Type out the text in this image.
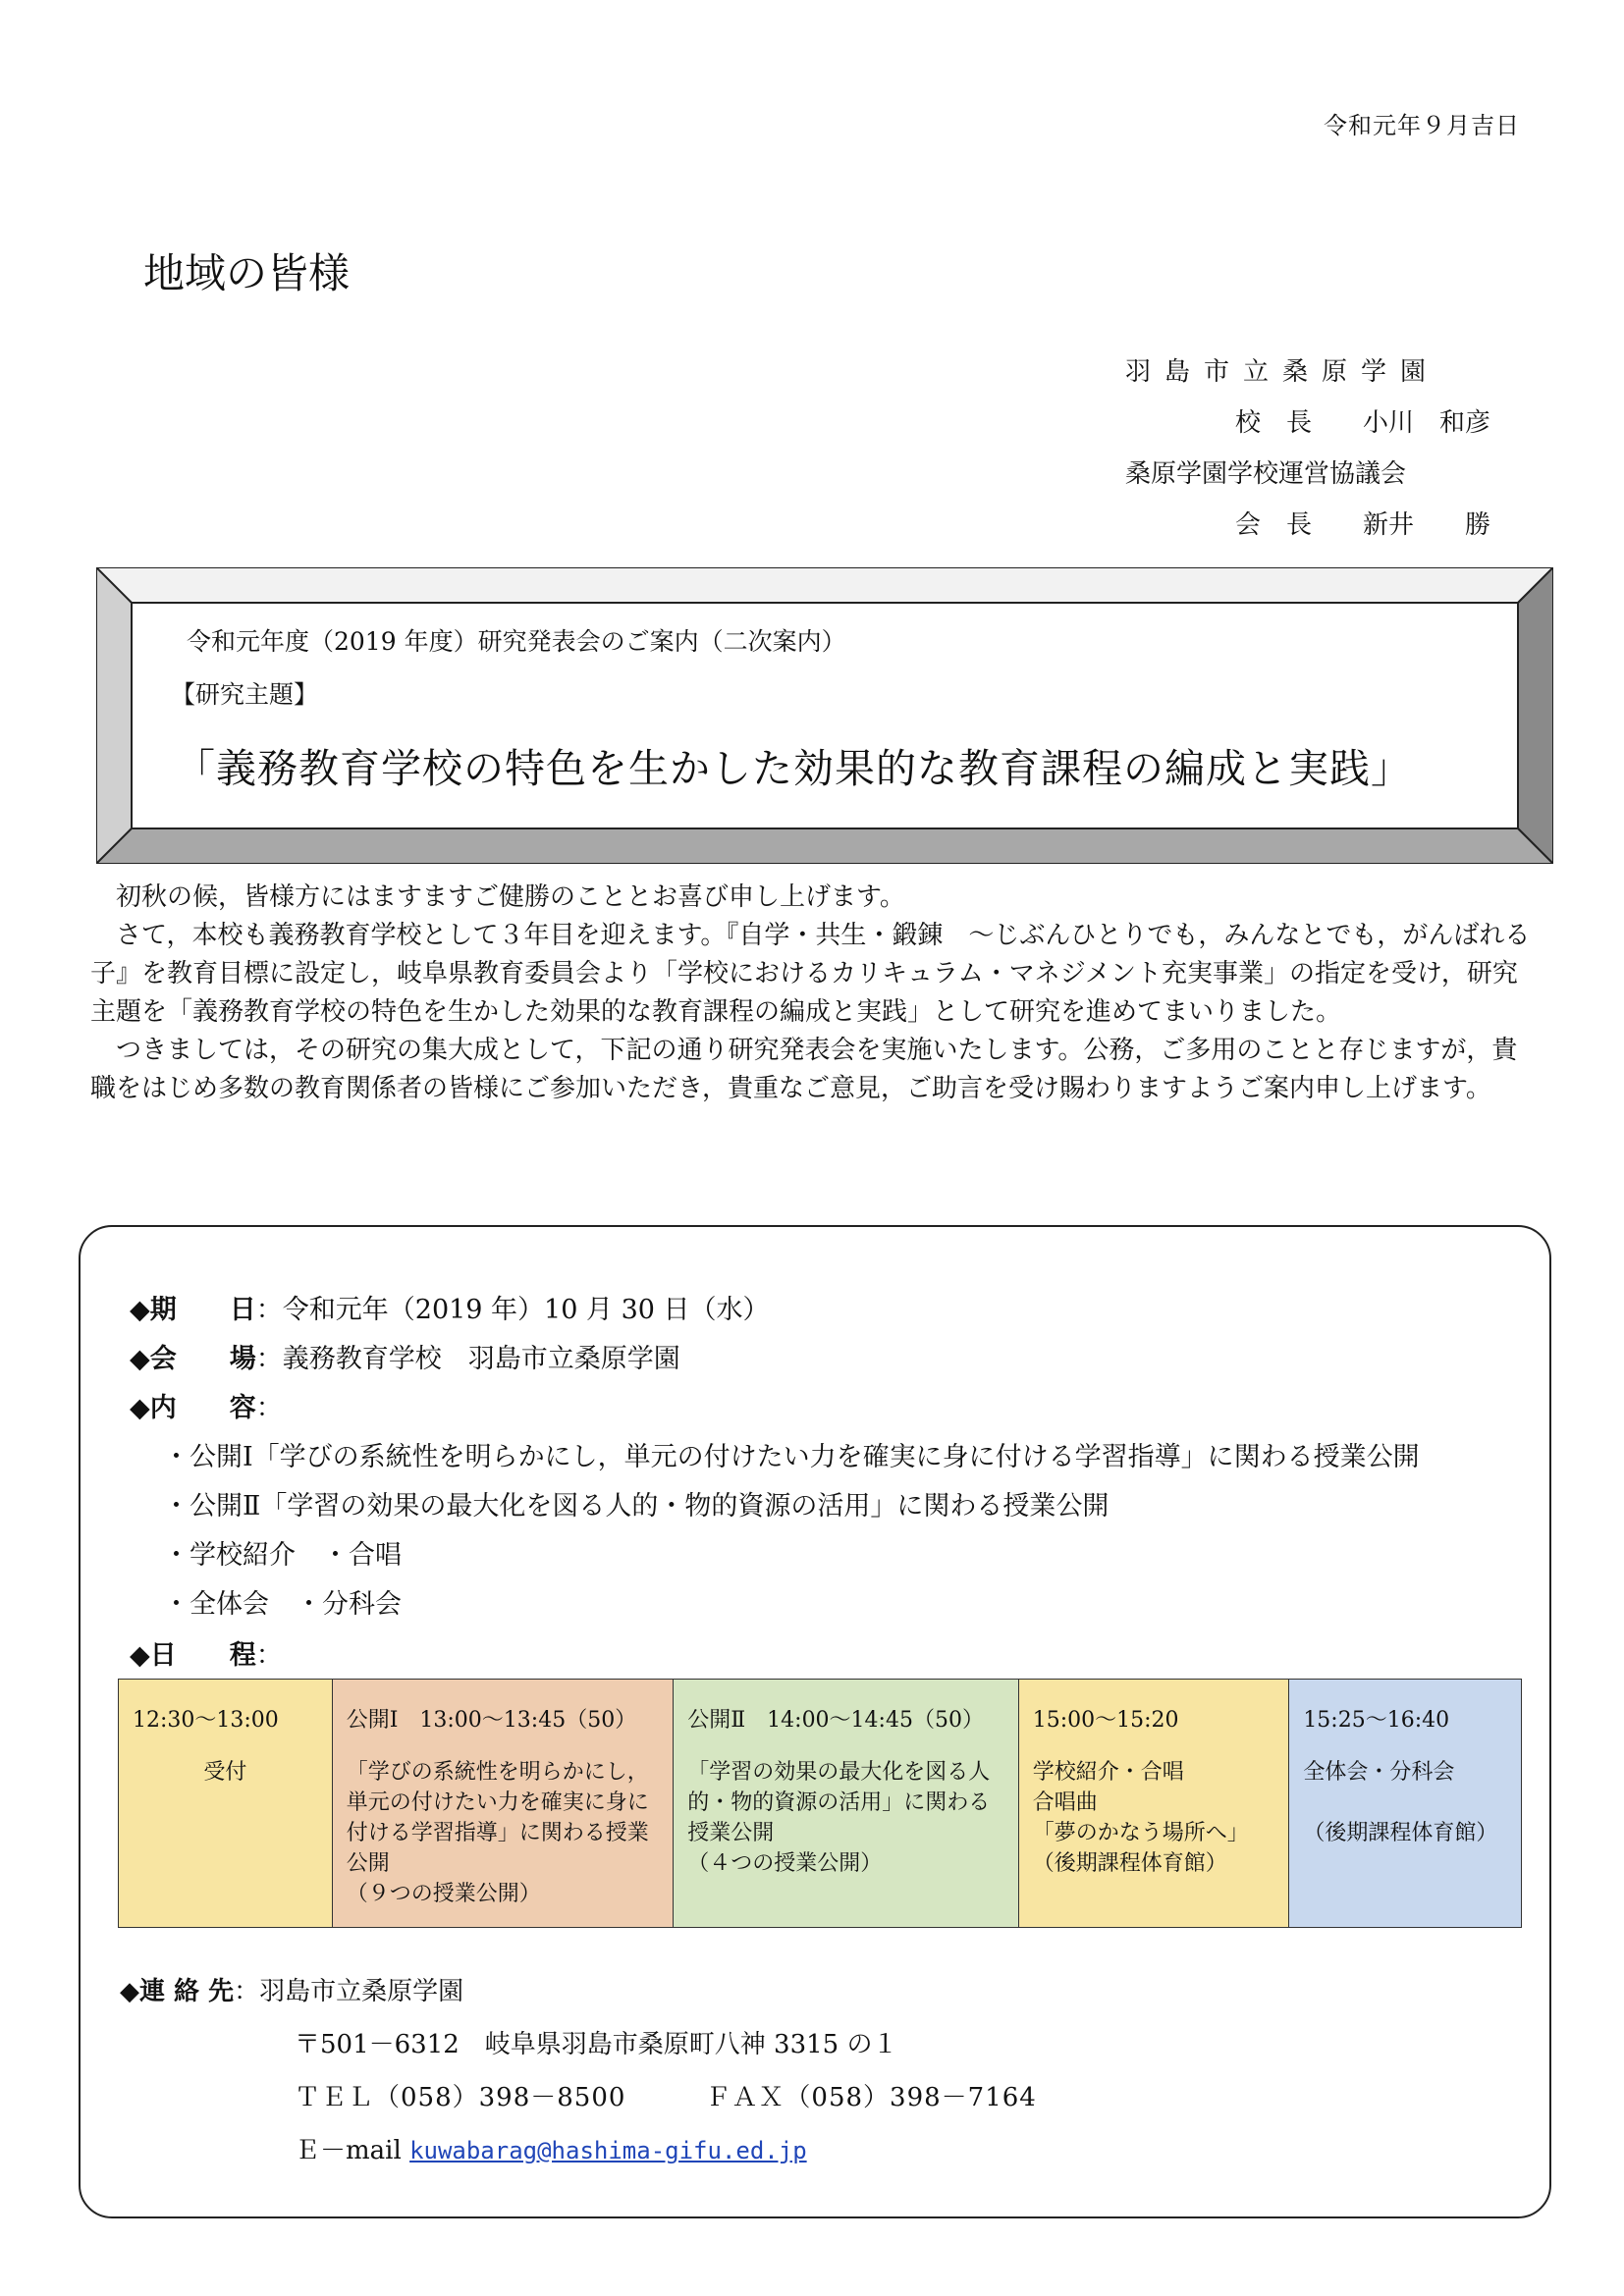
令和元年９月吉日
地域の皆様
羽島市立桑原学園
校　長　　小川　和彦
桑原学園学校運営協議会
会　長　　新井　　勝
令和元年度（2019 年度）研究発表会のご案内（二次案内）
【研究主題】
「義務教育学校の特色を生かした効果的な教育課程の編成と実践」

初秋の候，皆様方にはますますご健勝のこととお喜び申し上げます。

さて，本校も義務教育学校として３年目を迎えます。『自学・共生・鍛錬　～じぶんひとりでも，みんなとでも，がんばれる子』を教育目標に設定し，岐阜県教育委員会より「学校におけるカリキュラム・マネジメント充実事業」の指定を受け，研究主題を「義務教育学校の特色を生かした効果的な教育課程の編成と実践」として研究を進めてまいりました。

つきましては，その研究の集大成として，下記の通り研究発表会を実施いたします。公務，ご多用のことと存じますが，貴職をはじめ多数の教育関係者の皆様にご参加いただき，貴重なご意見，ご助言を受け賜わりますようご案内申し上げます。

◆期　　日：令和元年（2019 年）10 月 30 日（水）
◆会　　場：義務教育学校　羽島市立桑原学園
◆内　　容：
・公開Ⅰ「学びの系統性を明らかにし，単元の付けたい力を確実に身に付ける学習指導」に関わる授業公開
・公開Ⅱ「学習の効果の最大化を図る人的・物的資源の活用」に関わる授業公開
・学校紹介　・合唱
・全体会　・分科会
◆日　　程：
12:30～13:00
受付
公開Ⅰ　13:00～13:45（50）
「学びの系統性を明らかにし，
単元の付けたい力を確実に身に
付ける学習指導」に関わる授業
公開
（９つの授業公開）
公開Ⅱ　14:00～14:45（50）
「学習の効果の最大化を図る人
的・物的資源の活用」に関わる
授業公開
（４つの授業公開）
15:00～15:20
学校紹介・合唱
合唱曲
「夢のかなう場所へ」
（後期課程体育館）
15:25～16:40
全体会・分科会

（後期課程体育館）
◆連 絡 先：羽島市立桑原学園
〒501－6312　岐阜県羽島市桑原町八神 3315 の１
ＴＥＬ（058）398－8500　　　ＦＡＸ（058）398－7164
Ｅ－mail kuwabarag@hashima-gifu.ed.jp
